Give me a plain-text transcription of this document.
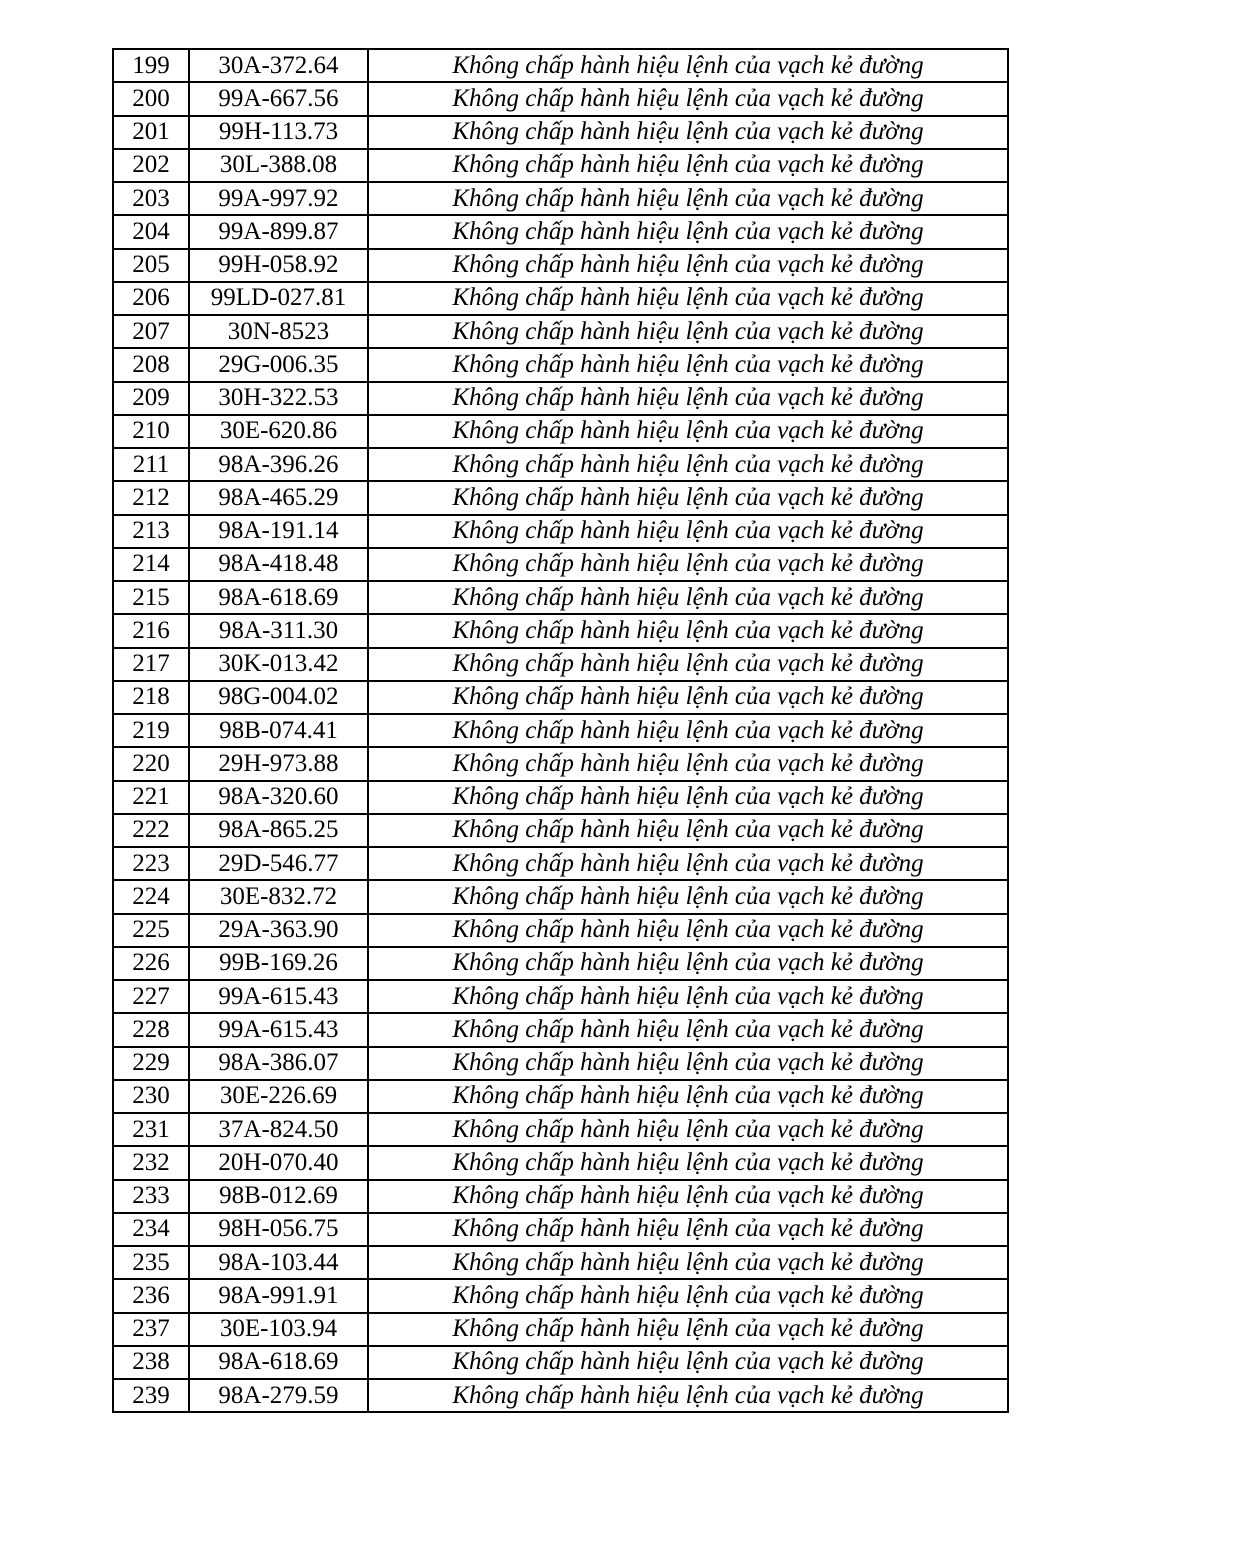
199	30A-372.64	Không chấp hành hiệu lệnh của vạch kẻ đường
200	99A-667.56	Không chấp hành hiệu lệnh của vạch kẻ đường
201	99H-113.73	Không chấp hành hiệu lệnh của vạch kẻ đường
202	30L-388.08	Không chấp hành hiệu lệnh của vạch kẻ đường
203	99A-997.92	Không chấp hành hiệu lệnh của vạch kẻ đường
204	99A-899.87	Không chấp hành hiệu lệnh của vạch kẻ đường
205	99H-058.92	Không chấp hành hiệu lệnh của vạch kẻ đường
206	99LD-027.81	Không chấp hành hiệu lệnh của vạch kẻ đường
207	30N-8523	Không chấp hành hiệu lệnh của vạch kẻ đường
208	29G-006.35	Không chấp hành hiệu lệnh của vạch kẻ đường
209	30H-322.53	Không chấp hành hiệu lệnh của vạch kẻ đường
210	30E-620.86	Không chấp hành hiệu lệnh của vạch kẻ đường
211	98A-396.26	Không chấp hành hiệu lệnh của vạch kẻ đường
212	98A-465.29	Không chấp hành hiệu lệnh của vạch kẻ đường
213	98A-191.14	Không chấp hành hiệu lệnh của vạch kẻ đường
214	98A-418.48	Không chấp hành hiệu lệnh của vạch kẻ đường
215	98A-618.69	Không chấp hành hiệu lệnh của vạch kẻ đường
216	98A-311.30	Không chấp hành hiệu lệnh của vạch kẻ đường
217	30K-013.42	Không chấp hành hiệu lệnh của vạch kẻ đường
218	98G-004.02	Không chấp hành hiệu lệnh của vạch kẻ đường
219	98B-074.41	Không chấp hành hiệu lệnh của vạch kẻ đường
220	29H-973.88	Không chấp hành hiệu lệnh của vạch kẻ đường
221	98A-320.60	Không chấp hành hiệu lệnh của vạch kẻ đường
222	98A-865.25	Không chấp hành hiệu lệnh của vạch kẻ đường
223	29D-546.77	Không chấp hành hiệu lệnh của vạch kẻ đường
224	30E-832.72	Không chấp hành hiệu lệnh của vạch kẻ đường
225	29A-363.90	Không chấp hành hiệu lệnh của vạch kẻ đường
226	99B-169.26	Không chấp hành hiệu lệnh của vạch kẻ đường
227	99A-615.43	Không chấp hành hiệu lệnh của vạch kẻ đường
228	99A-615.43	Không chấp hành hiệu lệnh của vạch kẻ đường
229	98A-386.07	Không chấp hành hiệu lệnh của vạch kẻ đường
230	30E-226.69	Không chấp hành hiệu lệnh của vạch kẻ đường
231	37A-824.50	Không chấp hành hiệu lệnh của vạch kẻ đường
232	20H-070.40	Không chấp hành hiệu lệnh của vạch kẻ đường
233	98B-012.69	Không chấp hành hiệu lệnh của vạch kẻ đường
234	98H-056.75	Không chấp hành hiệu lệnh của vạch kẻ đường
235	98A-103.44	Không chấp hành hiệu lệnh của vạch kẻ đường
236	98A-991.91	Không chấp hành hiệu lệnh của vạch kẻ đường
237	30E-103.94	Không chấp hành hiệu lệnh của vạch kẻ đường
238	98A-618.69	Không chấp hành hiệu lệnh của vạch kẻ đường
239	98A-279.59	Không chấp hành hiệu lệnh của vạch kẻ đường
